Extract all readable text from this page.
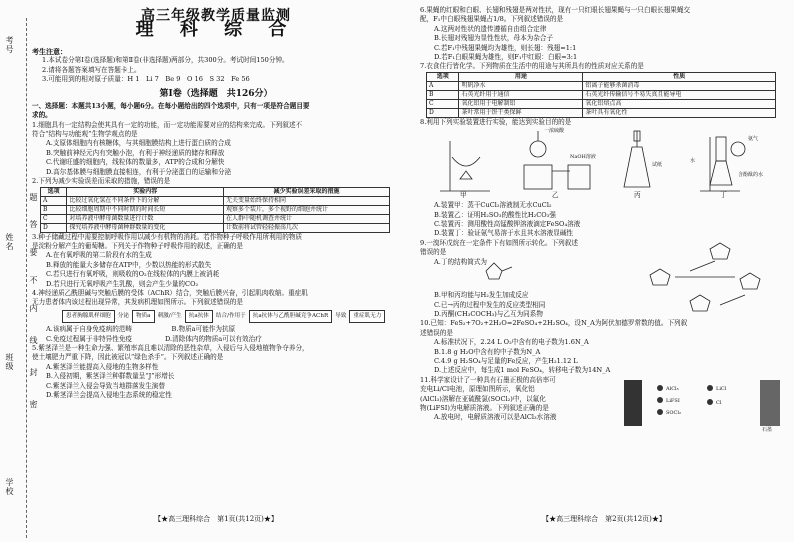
考号
姓名
班级
学校
题
答
要
不
内
线
封
密
高三年级教学质量监测
理 科 综 合
考生注意：
1.本试卷分第Ⅰ卷(选择题)和第Ⅱ卷(非选择题)两部分，共300分。考试时间150分钟。
2.请将各题答案填写在答题卡上。
3.可能用到的相对原子质量：H 1　Li 7　Be 9　O 16　S 32　Fe 56
第Ⅰ卷（选择题　共126分）
一、选择题：本题共13小题，每小题6分。在每小题给出的四个选项中，只有一项是符合题目要
求的。
1.细胞具有一定结构会使其具有一定的功能，而一定功能需要对应的结构来完成。下列叙述不
符合“结构与功能观”生物学观点的是
A.支原体细胞内有核糖体，与其细胞膜结构上进行蛋白质的合成
B.突触前神经元内有突触小泡，有利于神经递质的储存和释放
C.代谢旺盛的细胞内，线粒体的数量多，ATP的合成和分解快
D.高尔基体膜与细胞膜直接相连，有利于分泌蛋白的运输和分泌
2.下列为减少实验误差而采取的措施，错误的是
选项	实验内容	减少实验误差采取的措施
A	比较过氧化氢在不同条件下的分解	无关变量始终保持相同
B	比较细胞周期中不同时期的时间长短	观察多个装片，多个视野的细胞并统计
C	对培养液中酵母菌数量进行计数	在人群中随机调查并统计
D	探究培养液中酵母菌种群数量的变化	计数前将试管轻轻振荡几次
3.种子储藏过程中需要控制呼吸作用以减少有机物的消耗。若作物种子呼吸作用所利用的物质
是淀粉分解产生的葡萄糖。下列关于作物种子呼吸作用的叙述，正确的是
A.在有氧呼吸的第二阶段有水的生成
B.释放的能量大多储存在ATP中，少数以热能的形式散失
C.若只进行有氧呼吸，则吸收的O₂在线粒体的内膜上被消耗
D.若只进行无氧呼吸产生乳酸，则会产生少量的CO₂
4.神经递质乙酰胆碱与突触后膜的受体（AChR）结合，突触后膜兴奋，引起肌肉收缩。重症肌
无力患者体内该过程出现异常，其发病机理如图所示。下列叙述错误的是
患者胸腺肌样细胞	分泌	物质a	刺激/产生	抗a抗体	结合/作用于	抗a抗体与乙酰胆碱竞争AChR	导致	重症肌无力
A.该病属于自身免疫病的范畴　　　　　　	B.物质a可能作为抗原
C.免疫过程属于非特异性免疫　　　　　	D.清除体内的物质a可以有效治疗
5.紫茎泽兰是一种生命力强、繁殖率高且难以清除的恶性杂草，入侵后与入侵地植物争夺养分，
使土壤肥力严重下降，因此被冠以“绿色杀手”。下列叙述正确的是
A.紫茎泽兰能提高入侵地的生物多样性
B.入侵初期，紫茎泽兰种群数量呈“J”形增长
C.紫茎泽兰入侵会导致当地群落发生演替
D.紫茎泽兰会提高入侵地生态系统的稳定性
【★高三理科综合　第1页(共12页)★】
6.果蝇的红眼和白眼、长翅和残翅是两对性状，现有一只红眼长翅果蝇与一只白眼长翅果蝇交
配，F₁中白眼残翅果蝇占1/8。下列叙述错误的是
A.这两对性状的遗传遵循自由组合定律
B.长翅对残翅为显性性状，母本为杂合子
C.若F₁中残翅果蝇均为雄性，则长翅：残翅=1:1
D.若F₁白眼果蝇为雄性，则F₁中红眼：白眼=3:1
7.衣食住行皆化学。下列物质在生活中的用途与其所具有的性质对应关系的是
选项	用途	性质
A	明矾净水	铝离子能够杀菌消毒
B	石英光纤用于通信	石英光纤传输信号不易失真且能导电
C	氧化铝用于电解制铝	氧化铝熔点高
D	茶叶常用于饼干类保鲜	茶叶具有氧化性
8.利用下列实验装置进行实验，能达到实验目的的是
甲	乙	丙	丁
一浓硫酸
NaOH溶液
试纸
氨气
水
含酚酞的水
A.装置甲：蒸干CuCl₂溶液制无水CuCl₂
B.装置乙：证明H₂SO₃的酸性比H₂CO₃强
C.装置丙：测用酸性高锰酸钾溶液滴定FeSO₄溶液
D.装置丁：验证氨气易溶于水且其水溶液显碱性
9.一溴环戊烷在一定条件下有如图所示转化。下列叙述
错误的是
A.丁的结构简式为
B.甲和丙均能与H₂发生加成反应
C.已→丙的过程中发生的反应类型相同
D.丙酮(CH₃COCH₃)与乙互为同系物
10.已知：FeS₂+7O₂+2H₂O=2FeSO₄+2H₂SO₄，设N_A为阿伏加德罗常数的值。下列叙
述错误的是
A.标准状况下，2.24 L O₂中含有的电子数为1.6N_A
B.1.8 g H₂O中含有的中子数为N_A
C.4.9 g H₂SO₄与足量的Fe反应，产生H₂1.12 L
D.上述反应中，每生成1 mol FeSO₄，转移电子数为14N_A
11.科学家设计了一种具有石墨正极的高倍率可
充电Li/Cl电池，原理如图所示，氧化铝
(AlCl₃)溶解在亚硫酰氯(SOCl₂)中，以氟化
物(LiFSI)为电解质溶液。下列叙述正确的是
A.放电时，电解质溶液可以是AlCl₃水溶液
AlCl₃	LiCl
LiFSI	Cl
SOCl₂
石墨
【★高三理科综合　第2页(共12页)★】
